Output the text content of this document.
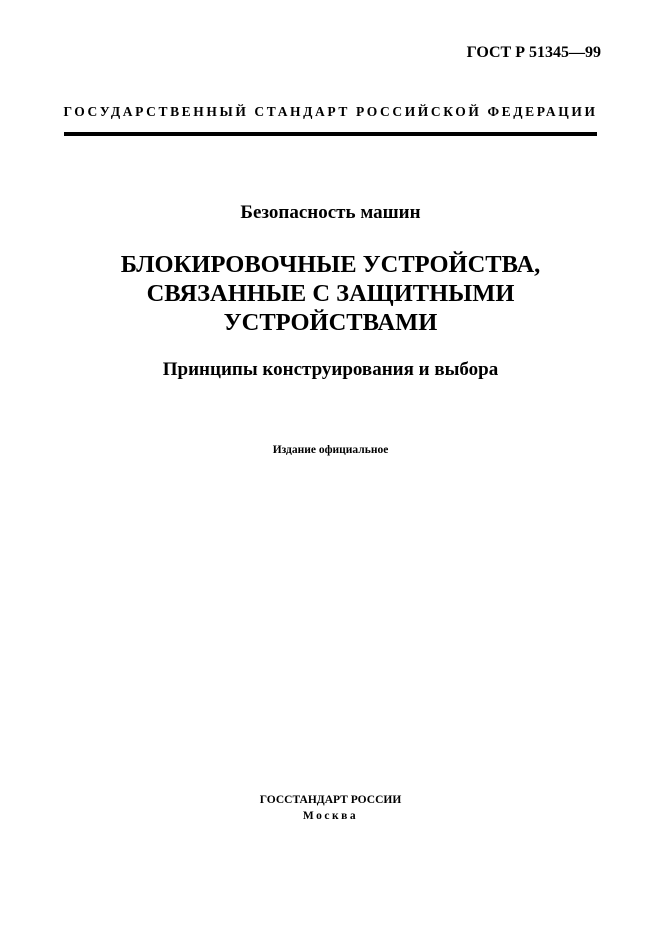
ГОСТ Р 51345—99
ГОСУДАРСТВЕННЫЙ СТАНДАРТ РОССИЙСКОЙ ФЕДЕРАЦИИ
Безопасность машин
БЛОКИРОВОЧНЫЕ УСТРОЙСТВА,
СВЯЗАННЫЕ С ЗАЩИТНЫМИ
УСТРОЙСТВАМИ
Принципы конструирования и выбора
Издание официальное
ГОССТАНДАРТ РОССИИ
Москва
